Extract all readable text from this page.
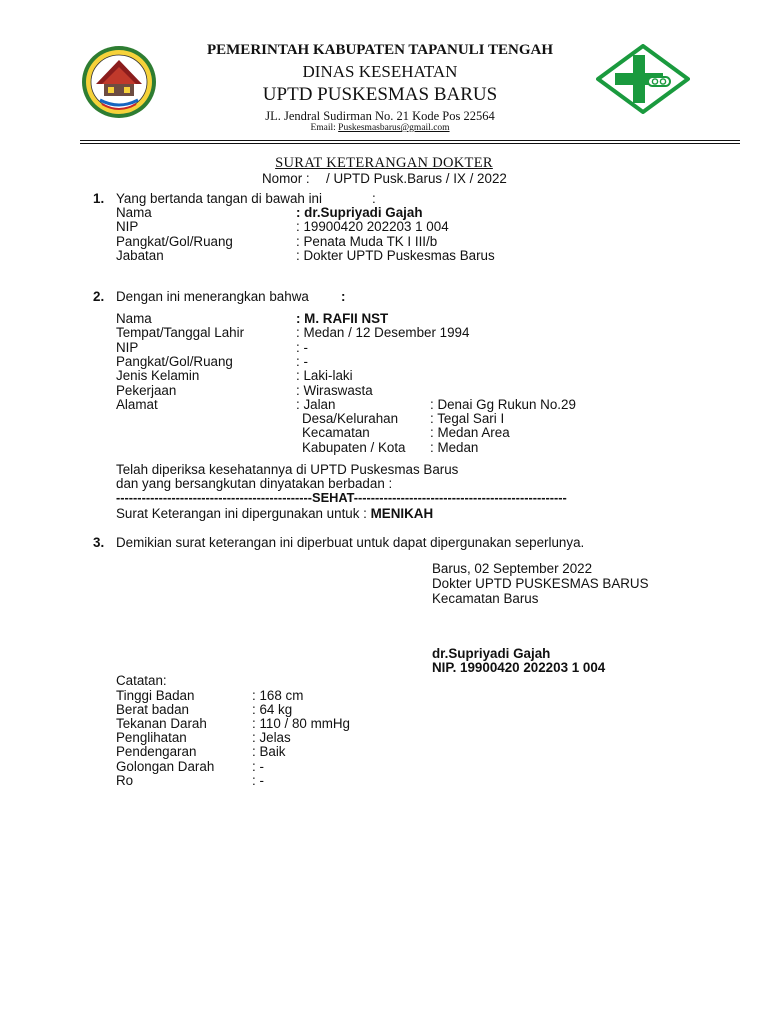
PEMERINTAH KABUPATEN TAPANULI TENGAH
DINAS KESEHATAN
UPTD PUSKESMAS BARUS
JL. Jendral Sudirman No. 21 Kode Pos 22564
Email: Puskesmasbarus@gmail.com
SURAT KETERANGAN DOKTER
Nomor : / UPTD Pusk.Barus / IX / 2022
1. Yang bertanda tangan di bawah ini	:
Nama	: dr.Supriyadi Gajah
NIP	: 19900420 202203 1 004
Pangkat/Gol/Ruang	: Penata Muda TK I III/b
Jabatan	: Dokter UPTD Puskesmas Barus
2. Dengan ini menerangkan bahwa :
Nama	: M. RAFII NST
Tempat/Tanggal Lahir	: Medan / 12 Desember 1994
NIP	: -
Pangkat/Gol/Ruang	: -
Jenis Kelamin	: Laki-laki
Pekerjaan	: Wiraswasta
Alamat	: Jalan	: Denai Gg Rukun No.29
Desa/Kelurahan : Tegal Sari I
Kecamatan	: Medan Area
Kabupaten / Kota : Medan
Telah diperiksa kesehatannya di UPTD Puskesmas Barus
dan yang bersangkutan dinyatakan berbadan :
----------------------------------------------SEHAT--------------------------------------------------
Surat Keterangan ini dipergunakan untuk : MENIKAH
3. Demikian surat keterangan ini diperbuat untuk dapat dipergunakan seperlunya.
Barus, 02 September 2022
Dokter UPTD PUSKESMAS BARUS
Kecamatan Barus
dr.Supriyadi Gajah
NIP. 19900420 202203 1 004
Catatan:
Tinggi Badan	: 168 cm
Berat badan	: 64 kg
Tekanan Darah	: 110 / 80 mmHg
Penglihatan	: Jelas
Pendengaran	: Baik
Golongan Darah	: -
Ro	: -
